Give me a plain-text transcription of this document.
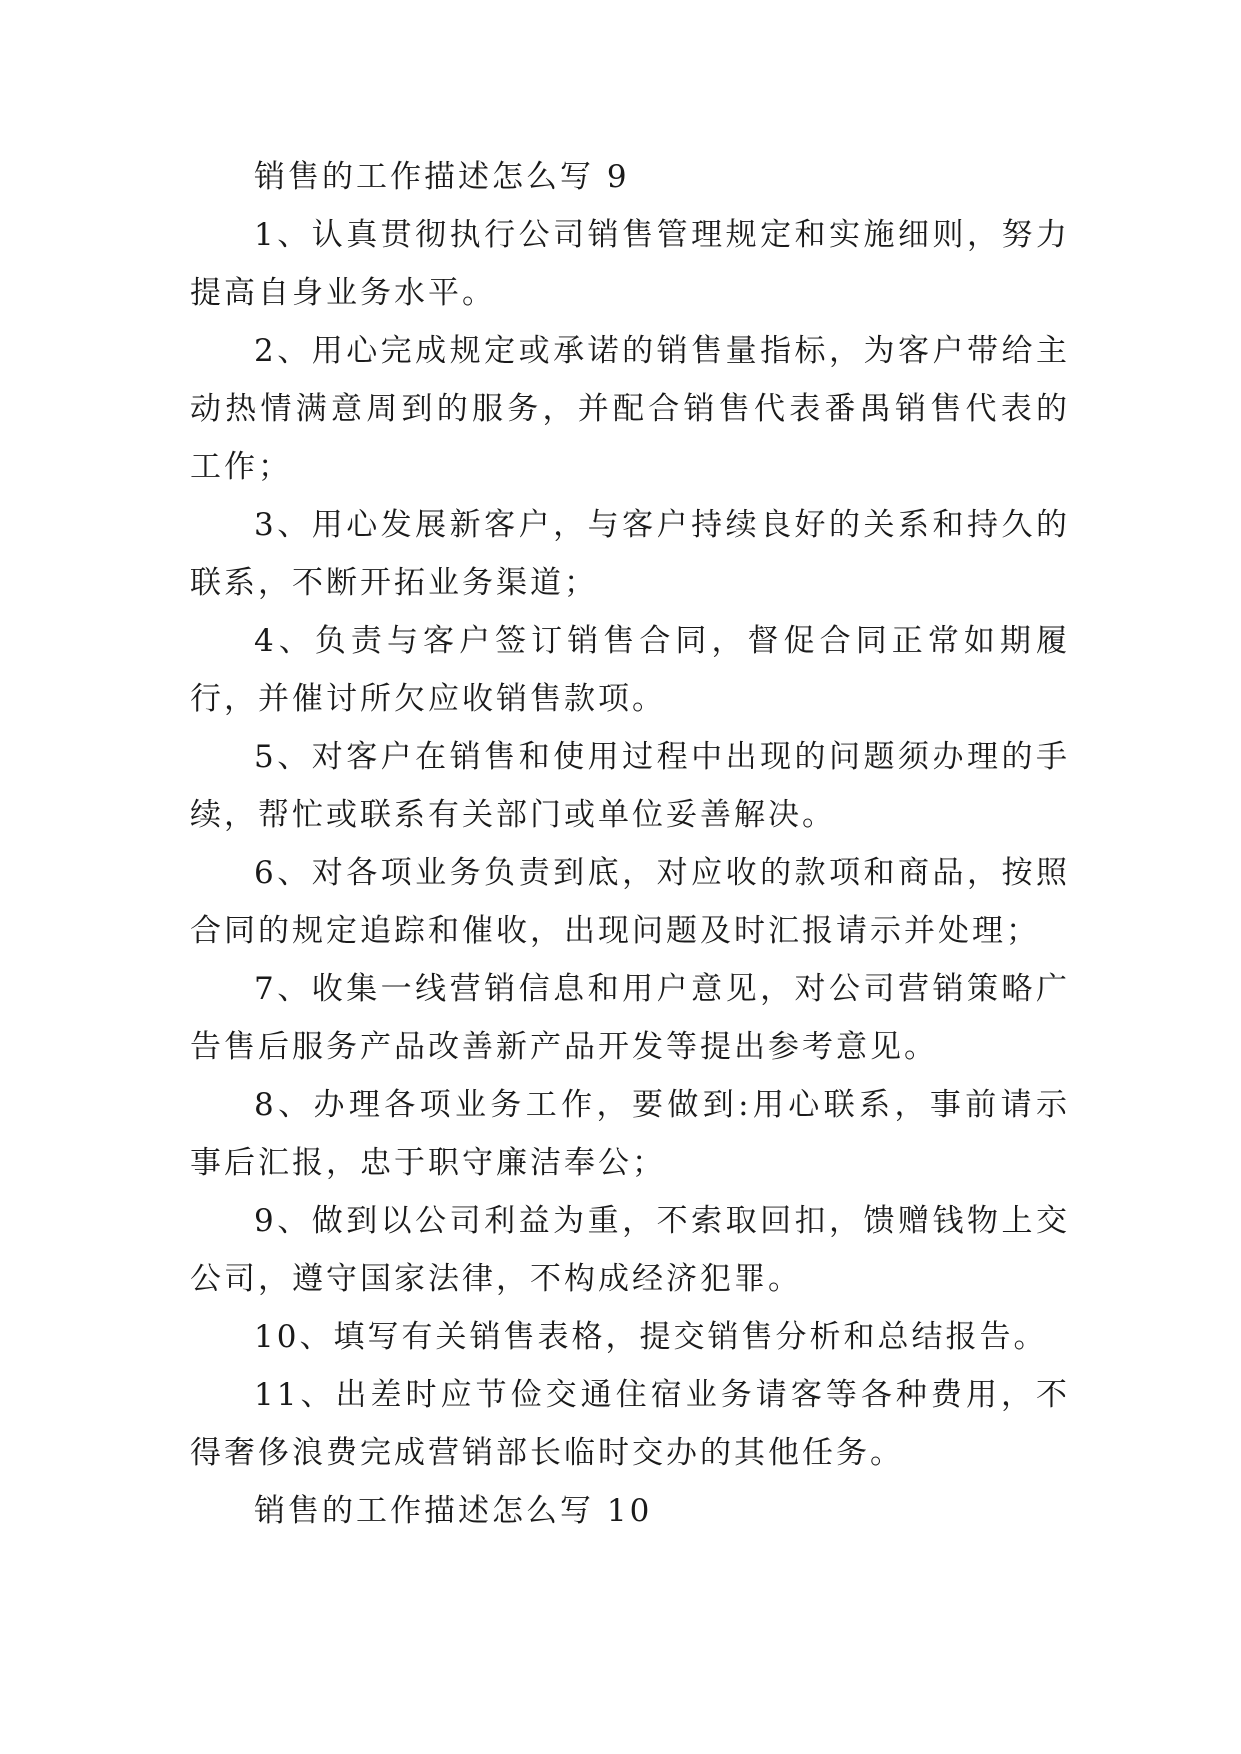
销售的工作描述怎么写 9

1、认真贯彻执行公司销售管理规定和实施细则，努力提高自身业务水平。

2、用心完成规定或承诺的销售量指标，为客户带给主动热情满意周到的服务，并配合销售代表番禺销售代表的工作；

3、用心发展新客户，与客户持续良好的关系和持久的联系，不断开拓业务渠道；

4、负责与客户签订销售合同，督促合同正常如期履行，并催讨所欠应收销售款项。

5、对客户在销售和使用过程中出现的问题须办理的手续，帮忙或联系有关部门或单位妥善解决。

6、对各项业务负责到底，对应收的款项和商品，按照合同的规定追踪和催收，出现问题及时汇报请示并处理；

7、收集一线营销信息和用户意见，对公司营销策略广告售后服务产品改善新产品开发等提出参考意见。

8、办理各项业务工作，要做到:用心联系，事前请示事后汇报，忠于职守廉洁奉公；

9、做到以公司利益为重，不索取回扣，馈赠钱物上交公司，遵守国家法律，不构成经济犯罪。

10、填写有关销售表格，提交销售分析和总结报告。

11、出差时应节俭交通住宿业务请客等各种费用，不得奢侈浪费完成营销部长临时交办的其他任务。

销售的工作描述怎么写 10
